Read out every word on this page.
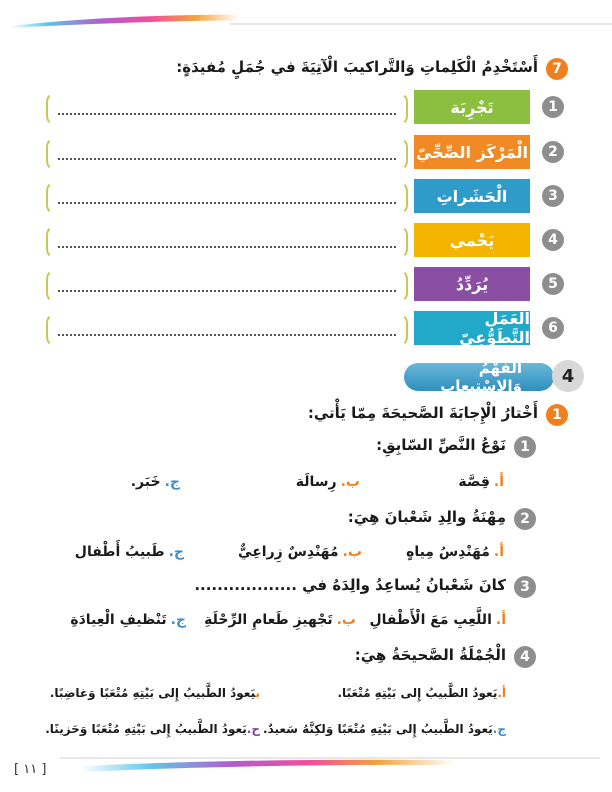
7
أَسْتَخْدِمُ الْكَلِماتِ وَالتَّراكيبَ الْآتِيَةَ في جُمَلٍ مُفيدَةٍ:
تَجْرِبَة	1
الْمَرْكَز الصِّحِّيّ	2
الْحَشَراتِ	3
يَحْمي	4
يُرَدِّدُ	5
الْعَمَل التَّطَوُّعِيّ	6
الْفَهْمُ وَالِاسْتيعابِ	4
1
أَخْتارُ الْإِجابَةَ الصَّحيحَةَ مِمّا يَأْتي:
1
نَوْعُ النَّصِّ السّابِقِ:
أ.قِصَّة
ب.رِسالَة
ج.خَبَر.
2
مِهْنَةُ والِدِ شَعْبانَ هِيَ:
أ.مُهَنْدِسُ مِياهٍ
ب.مُهَنْدِسٌ زِراعِيٌّ
ج.طَبيبُ أَطْفال
3
كانَ شَعْبانُ يُساعِدُ والِدَهُ في ..................
أ.اللَّعِبِ مَعَ الْأَطْفالِ
ب.تَجْهيزِ طَعامِ الرِّحْلَةِ
ج.تَنْظيفِ الْعِيادَةِ
4
الْجُمْلَةُ الصَّحيحَةُ هِيَ:
أ.يَعودُ الطَّبيبُ إِلى بَيْتِهِ مُتْعَبًا.
بيَعودُ الطَّبيبُ إِلى بَيْتِهِ مُتْعَبًا وَغاضِبًا.
ج.يَعودُ الطَّبيبُ إِلى بَيْتِهِ مُتْعَبًا وَلكِنَّهُ سَعيدٌ.
ح.يَعودُ الطَّبيبُ إِلى بَيْتِهِ مُتْعَبًا وَحَزينًا.
[ ١١ ]
